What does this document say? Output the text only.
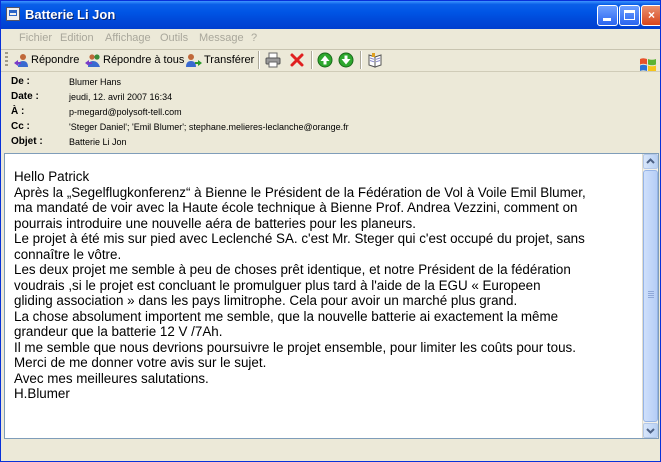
Batterie Li Jon	×
Fichier Edition Affichage Outils Message ?
Répondre Répondre à tous Transférer
De :	Blumer Hans
Date :	jeudi, 12. avril 2007 16:34
À :	p-megard@polysoft-tell.com
Cc :	'Steger Daniel'; 'Emil Blumer'; stephane.melieres-leclanche@orange.fr
Objet :	Batterie Li Jon
Hello Patrick
Après la „Segelflugkonferenz“ à Bienne le Président de la Fédération de Vol à Voile Emil Blumer,
ma mandaté de voir avec la Haute école technique à Bienne Prof. Andrea Vezzini, comment on
pourrais introduire une nouvelle aéra de batteries pour les planeurs.
Le projet à été mis sur pied avec Leclenché SA. c'est Mr. Steger qui c'est occupé du projet, sans
connaître le vôtre.
Les deux projet me semble à peu de choses prêt identique, et notre Président de la fédération
voudrais ,si le projet est concluant le promulguer plus tard à l'aide de la EGU « Europeen
gliding association » dans les pays limitrophe. Cela pour avoir un marché plus grand.
La chose absolument importent me semble, que la nouvelle batterie ai exactement la même
grandeur que la batterie 12 V /7Ah.
Il me semble que nous devrions poursuivre le projet ensemble, pour limiter les coûts pour tous.
Merci de me donner votre avis sur le sujet.
Avec mes meilleures salutations.
H.Blumer
